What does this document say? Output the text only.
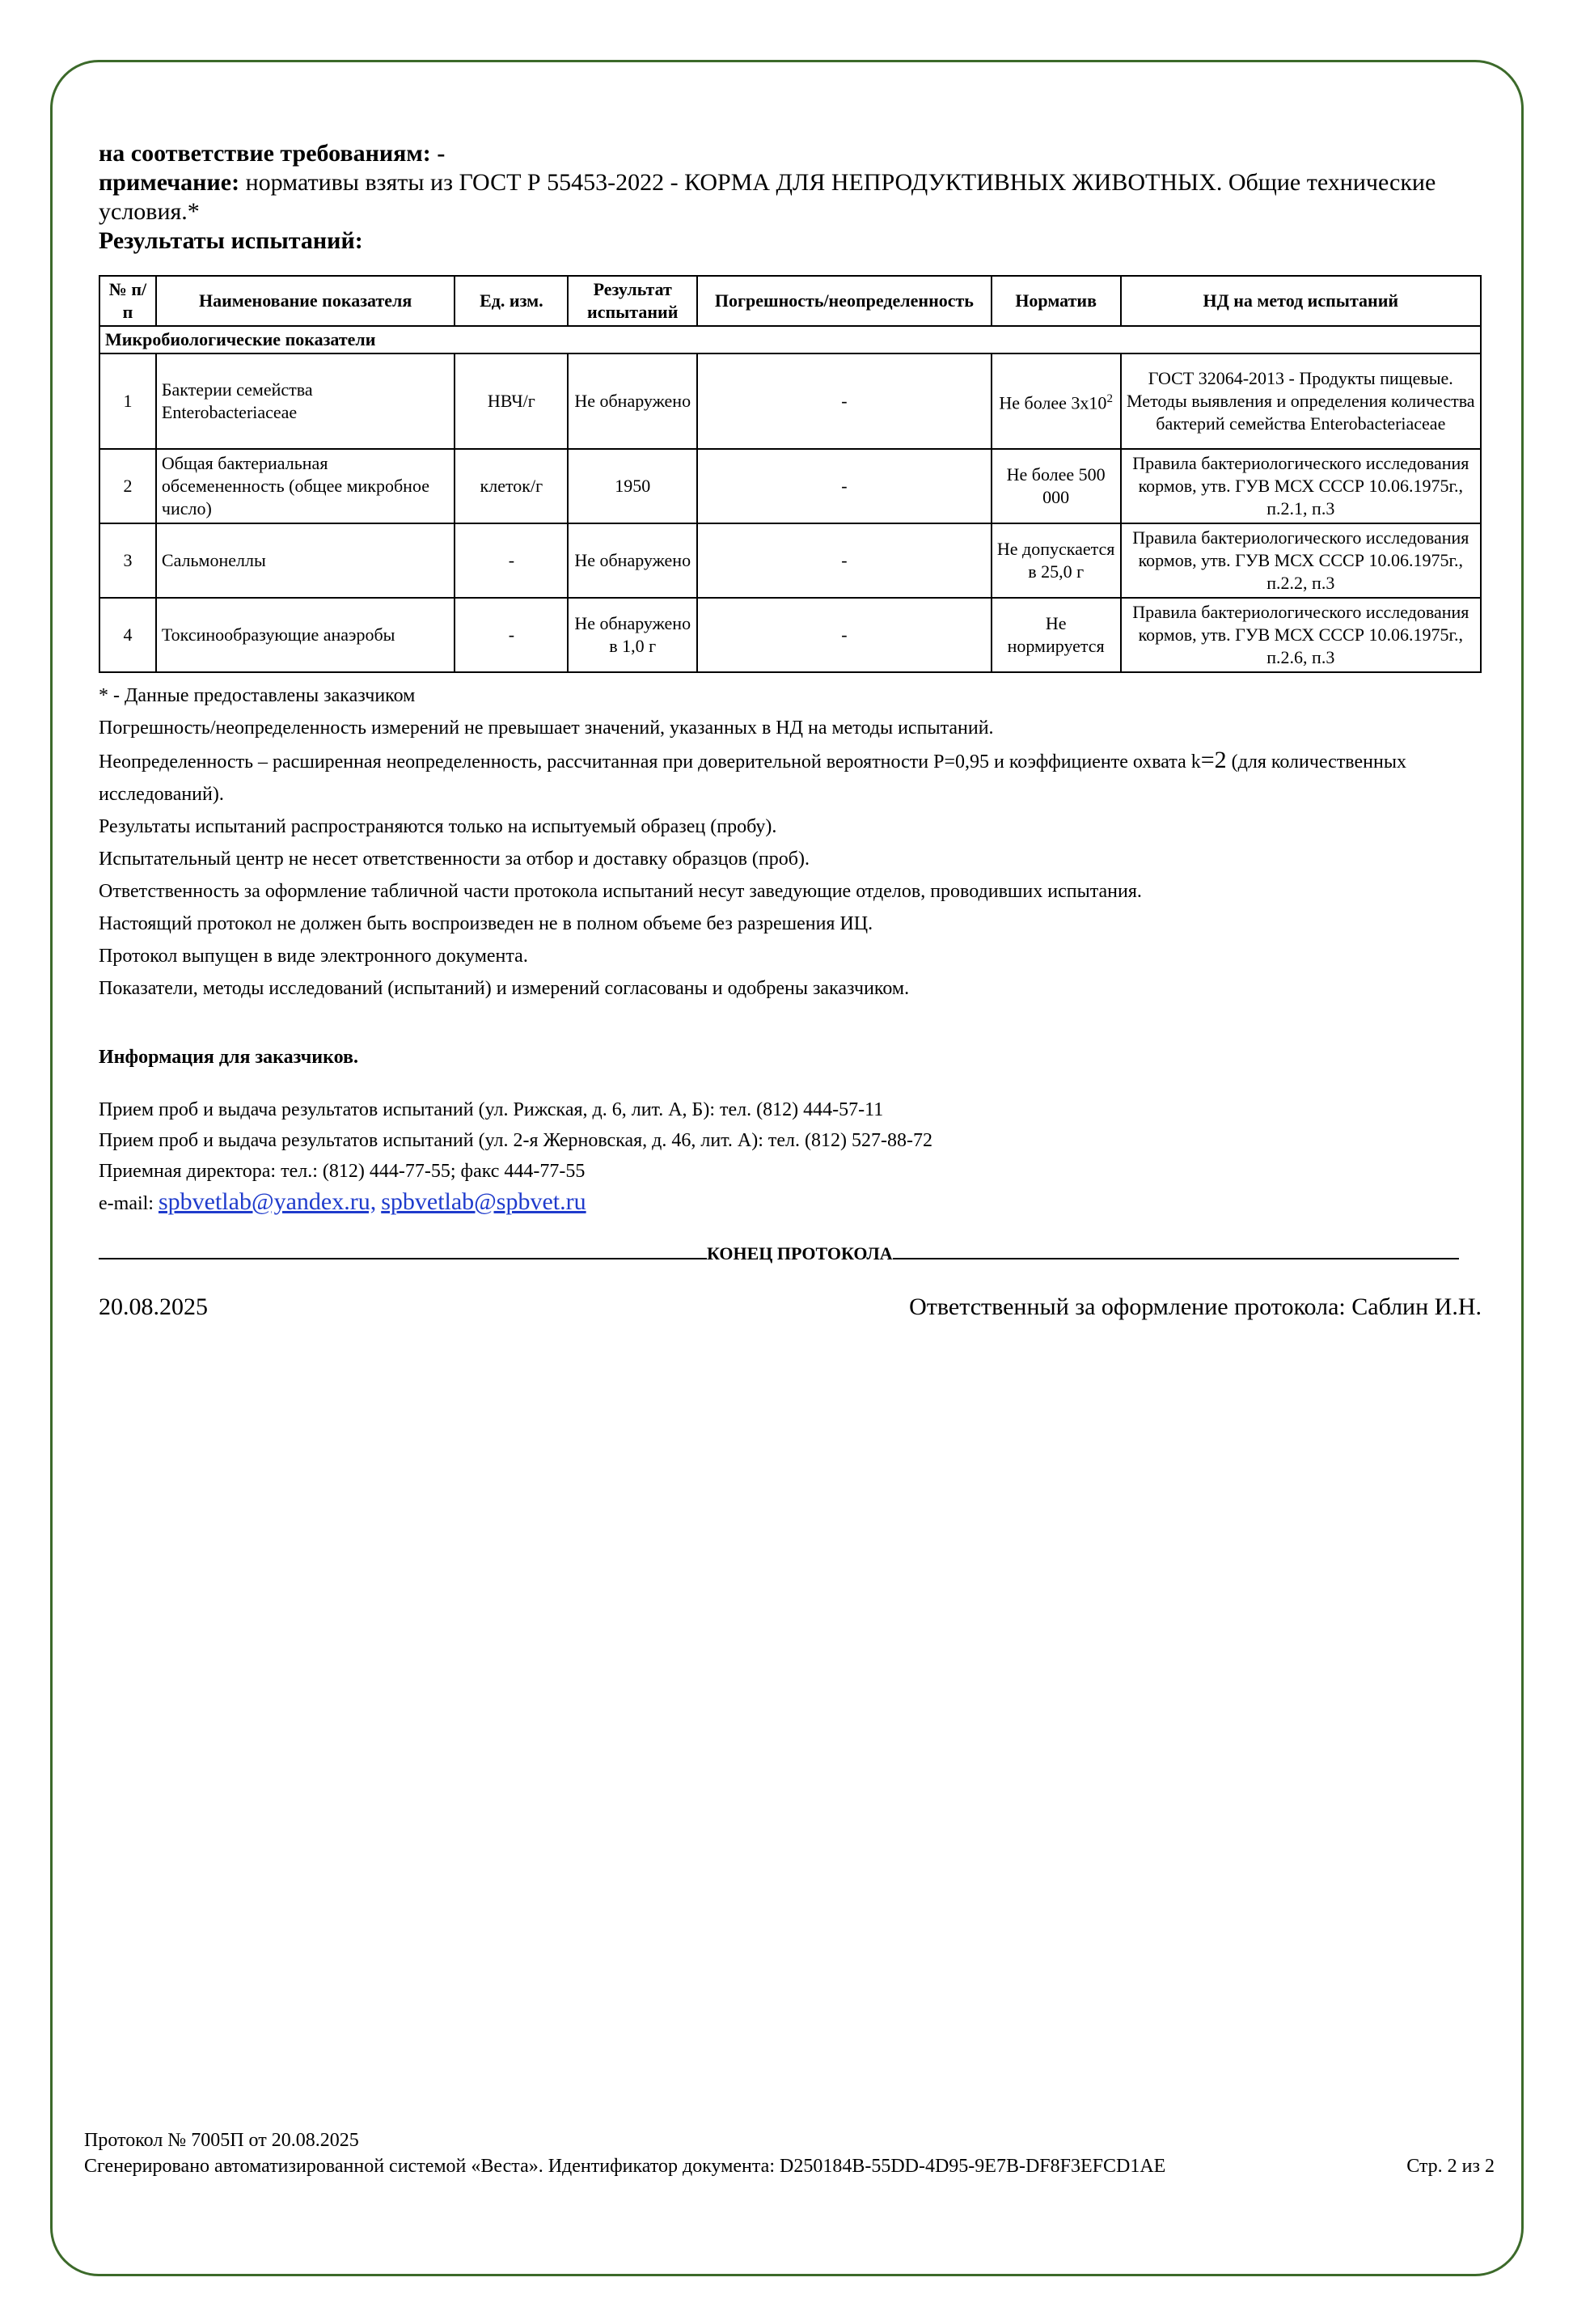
на соответствие требованиям: -
примечание: нормативы взяты из ГОСТ Р 55453-2022 - КОРМА ДЛЯ НЕПРОДУКТИВНЫХ ЖИВОТНЫХ. Общие технические условия.*
Результаты испытаний:
№ п/п	Наименование показателя	Ед. изм.	Результат испытаний	Погрешность/неопределенность	Норматив	НД на метод испытаний
Микробиологические показатели						
1	Бактерии семейства Enterobacteriaceae	НВЧ/г	Не обнаружено	-	Не более $3x10^2$	ГОСТ 32064-2013 - Продукты пищевые. Методы выявления и определения количества бактерий семейства Enterobacteriaceae
2	Общая бактериальная обсемененность (общее микробное число)	клеток/г	1950	-	Не более 500 000	Правила бактериологического исследования кормов, утв. ГУВ МСХ СССР 10.06.1975г., п.2.1, п.3
3	Сальмонеллы	-	Не обнаружено	-	Не допускается в 25,0 г	Правила бактериологического исследования кормов, утв. ГУВ МСХ СССР 10.06.1975г., п.2.2, п.3
4	Токсинообразующие анаэробы	-	Не обнаружено в 1,0 г	-	Не нормируется	Правила бактериологического исследования кормов, утв. ГУВ МСХ СССР 10.06.1975г., п.2.6, п.3
* - Данные предоставлены заказчиком
Погрешность/неопределенность измерений не превышает значений, указанных в НД на методы испытаний.
Неопределенность – расширенная неопределенность, рассчитанная при доверительной вероятности P=0,95 и коэффициенте охвата k=2 (для количественных исследований).
Результаты испытаний распространяются только на испытуемый образец (пробу).
Испытательный центр не несет ответственности за отбор и доставку образцов (проб).
Ответственность за оформление табличной части протокола испытаний несут заведующие отделов, проводивших испытания.
Настоящий протокол не должен быть воспроизведен не в полном объеме без разрешения ИЦ.
Протокол выпущен в виде электронного документа.
Показатели, методы исследований (испытаний) и измерений согласованы и одобрены заказчиком.
Информация для заказчиков.
Прием проб и выдача результатов испытаний (ул. Рижская, д. 6, лит. А, Б): тел. (812) 444-57-11
Прием проб и выдача результатов испытаний (ул. 2-я Жерновская, д. 46, лит. А): тел. (812) 527-88-72
Приемная директора: тел.: (812) 444-77-55; факс 444-77-55
e-mail: spbvetlab@yandex.ru, spbvetlab@spbvet.ru
КОНЕЦ ПРОТОКОЛА
20.08.2025	Ответственный за оформление протокола: Саблин И.Н.
Протокол № 7005П от 20.08.2025
Сгенерировано автоматизированной системой «Веста». Идентификатор документа: D250184B-55DD-4D95-9E7B-DF8F3EFCD1AE	Стр. 2 из 2
